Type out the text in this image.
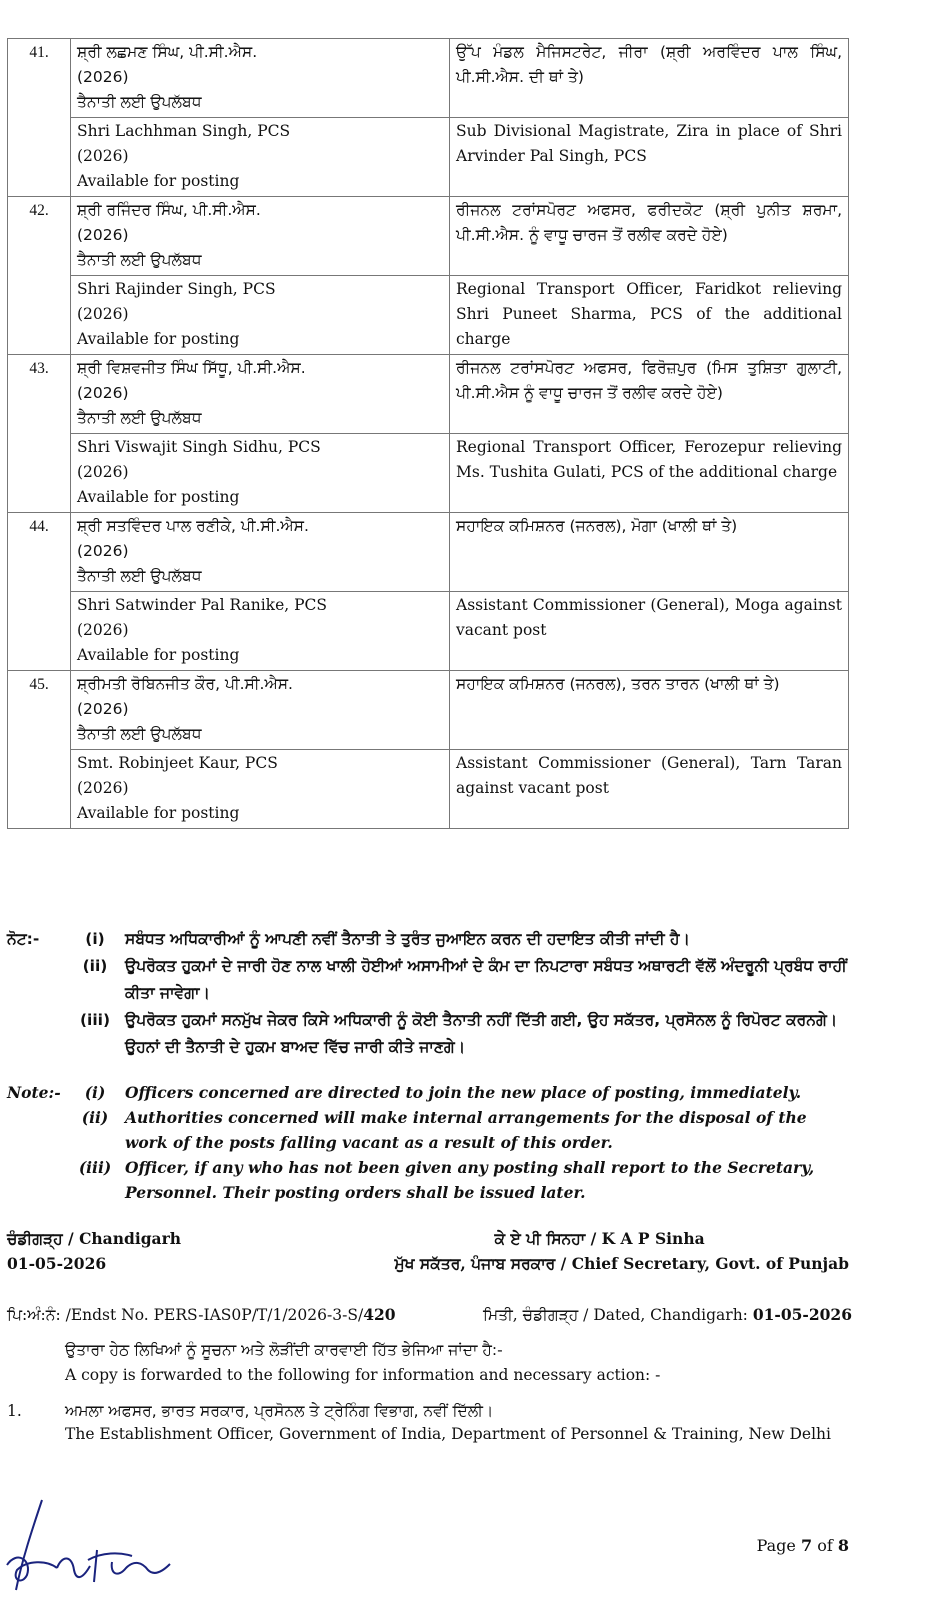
41.	ਸ਼੍ਰੀ ਲਛਮਣ ਸਿੰਘ, ਪੀ.ਸੀ.ਐਸ.
(2026)
ਤੈਨਾਤੀ ਲਈ ਉਪਲੱਬਧ	ਉੱਪ ਮੰਡਲ ਮੈਜਿਸਟਰੇਟ, ਜੀਰਾ (ਸ਼੍ਰੀ ਅਰਵਿੰਦਰ ਪਾਲ ਸਿੰਘ, ਪੀ.ਸੀ.ਐਸ. ਦੀ ਥਾਂ ਤੇ)

	Shri Lachhman Singh, PCS
(2026)
Available for posting	Sub Divisional Magistrate, Zira in place of Shri Arvinder Pal Singh, PCS
42.	ਸ਼੍ਰੀ ਰਜਿੰਦਰ ਸਿੰਘ, ਪੀ.ਸੀ.ਐਸ.
(2026)
ਤੈਨਾਤੀ ਲਈ ਉਪਲੱਬਧ	ਰੀਜਨਲ ਟਰਾਂਸਪੋਰਟ ਅਫਸਰ, ਫਰੀਦਕੋਟ (ਸ਼੍ਰੀ ਪੁਨੀਤ ਸ਼ਰਮਾ, ਪੀ.ਸੀ.ਐਸ. ਨੂੰ ਵਾਧੂ ਚਾਰਜ ਤੋਂ ਰਲੀਵ ਕਰਦੇ ਹੋਏ)

	Shri Rajinder Singh, PCS
(2026)
Available for posting	Regional Transport Officer, Faridkot relieving Shri Puneet Sharma, PCS of the additional charge
43.	ਸ਼੍ਰੀ ਵਿਸ਼ਵਜੀਤ ਸਿੰਘ ਸਿੱਧੂ, ਪੀ.ਸੀ.ਐਸ.
(2026)
ਤੈਨਾਤੀ ਲਈ ਉਪਲੱਬਧ	ਰੀਜਨਲ ਟਰਾਂਸਪੋਰਟ ਅਫਸਰ, ਫਿਰੋਜ਼ਪੁਰ (ਮਿਸ ਤੁਸ਼ਿਤਾ ਗੁਲਾਟੀ, ਪੀ.ਸੀ.ਐਸ ਨੂੰ ਵਾਧੂ ਚਾਰਜ ਤੋਂ ਰਲੀਵ ਕਰਦੇ ਹੋਏ)

	Shri Viswajit Singh Sidhu, PCS
(2026)
Available for posting	Regional Transport Officer, Ferozepur relieving Ms. Tushita Gulati, PCS of the additional charge
44.	ਸ਼੍ਰੀ ਸਤਵਿੰਦਰ ਪਾਲ ਰਣੀਕੇ, ਪੀ.ਸੀ.ਐਸ.
(2026)
ਤੈਨਾਤੀ ਲਈ ਉਪਲੱਬਧ	ਸਹਾਇਕ ਕਮਿਸ਼ਨਰ (ਜਨਰਲ), ਮੋਗਾ (ਖਾਲੀ ਥਾਂ ਤੇ)

	Shri Satwinder Pal Ranike, PCS
(2026)
Available for posting	Assistant Commissioner (General), Moga against vacant post
45.	ਸ਼੍ਰੀਮਤੀ ਰੋਬਿਨਜੀਤ ਕੌਰ, ਪੀ.ਸੀ.ਐਸ.
(2026)
ਤੈਨਾਤੀ ਲਈ ਉਪਲੱਬਧ	ਸਹਾਇਕ ਕਮਿਸ਼ਨਰ (ਜਨਰਲ), ਤਰਨ ਤਾਰਨ (ਖਾਲੀ ਥਾਂ ਤੇ)

	Smt. Robinjeet Kaur, PCS
(2026)
Available for posting	Assistant Commissioner (General), Tarn Taran against vacant post
ਨੋਟ:-	(i)	ਸਬੰਧਤ ਅਧਿਕਾਰੀਆਂ ਨੂੰ ਆਪਣੀ ਨਵੀਂ ਤੈਨਾਤੀ ਤੇ ਤੁਰੰਤ ਜੁਆਇਨ ਕਰਨ ਦੀ ਹਦਾਇਤ ਕੀਤੀ ਜਾਂਦੀ ਹੈ।
(ii)	ਉਪਰੋਕਤ ਹੁਕਮਾਂ ਦੇ ਜਾਰੀ ਹੋਣ ਨਾਲ ਖਾਲੀ ਹੋਈਆਂ ਅਸਾਮੀਆਂ ਦੇ ਕੰਮ ਦਾ ਨਿਪਟਾਰਾ ਸਬੰਧਤ ਅਥਾਰਟੀ ਵੱਲੋਂ ਅੰਦਰੂਨੀ ਪ੍ਰਬੰਧ ਰਾਹੀਂ ਕੀਤਾ ਜਾਵੇਗਾ।
(iii) ਉਪਰੋਕਤ ਹੁਕਮਾਂ ਸਨਮੁੱਖ ਜੇਕਰ ਕਿਸੇ ਅਧਿਕਾਰੀ ਨੂੰ ਕੋਈ ਤੈਨਾਤੀ ਨਹੀਂ ਦਿੱਤੀ ਗਈ, ਉਹ ਸਕੱਤਰ, ਪ੍ਰਸੋਨਲ ਨੂੰ ਰਿਪੋਰਟ ਕਰਨਗੇ। ਉਹਨਾਂ ਦੀ ਤੈਨਾਤੀ ਦੇ ਹੁਕਮ ਬਾਅਦ ਵਿੱਚ ਜਾਰੀ ਕੀਤੇ ਜਾਣਗੇ।
Note:-	(i)	Officers concerned are directed to join the new place of posting, immediately.
(ii)	Authorities concerned will make internal arrangements for the disposal of the work of the posts falling vacant as a result of this order.
(iii) Officer, if any who has not been given any posting shall report to the Secretary, Personnel. Their posting orders shall be issued later.
ਚੰਡੀਗੜ੍ਹ / Chandigarh
01-05-2026
ਕੇ ਏ ਪੀ ਸਿਨਹਾ / K A P Sinha
ਮੁੱਖ ਸਕੱਤਰ, ਪੰਜਾਬ ਸਰਕਾਰ / Chief Secretary, Govt. of Punjab
ਪਿ:ਅੰ:ਨੰ: /Endst No. PERS-IAS0P/T/1/2026-3-S/420	ਮਿਤੀ, ਚੰਡੀਗੜ੍ਹ / Dated, Chandigarh: 01-05-2026
ਉਤਾਰਾ ਹੇਠ ਲਿਖਿਆਂ ਨੂੰ ਸੂਚਨਾ ਅਤੇ ਲੋੜੀਂਦੀ ਕਾਰਵਾਈ ਹਿੱਤ ਭੇਜਿਆ ਜਾਂਦਾ ਹੈ:-
A copy is forwarded to the following for information and necessary action: -
1.	ਅਮਲਾ ਅਫਸਰ, ਭਾਰਤ ਸਰਕਾਰ, ਪ੍ਰਸੋਨਲ ਤੇ ਟ੍ਰੇਨਿੰਗ ਵਿਭਾਗ, ਨਵੀਂ ਦਿੱਲੀ।
The Establishment Officer, Government of India, Department of Personnel & Training, New Delhi
Page 7 of 8
